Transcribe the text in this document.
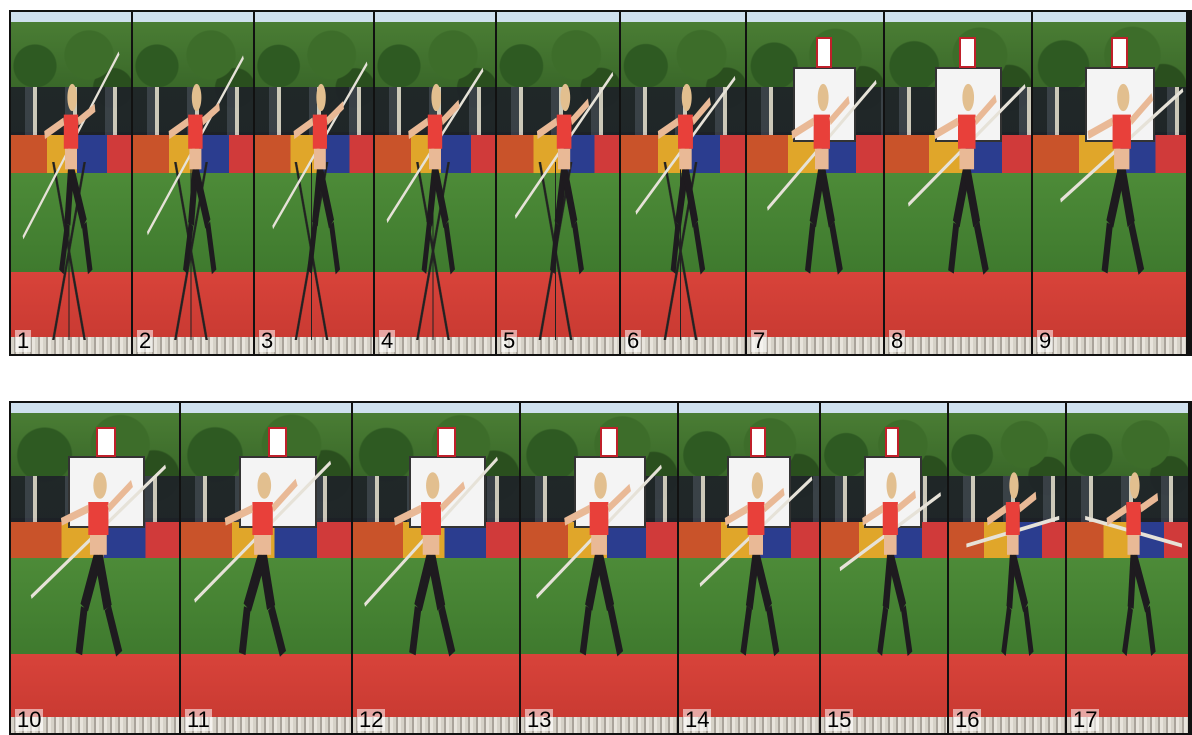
1	2	3	4	5	6	7	8	9
10	11	12	13	14	15	16	17
